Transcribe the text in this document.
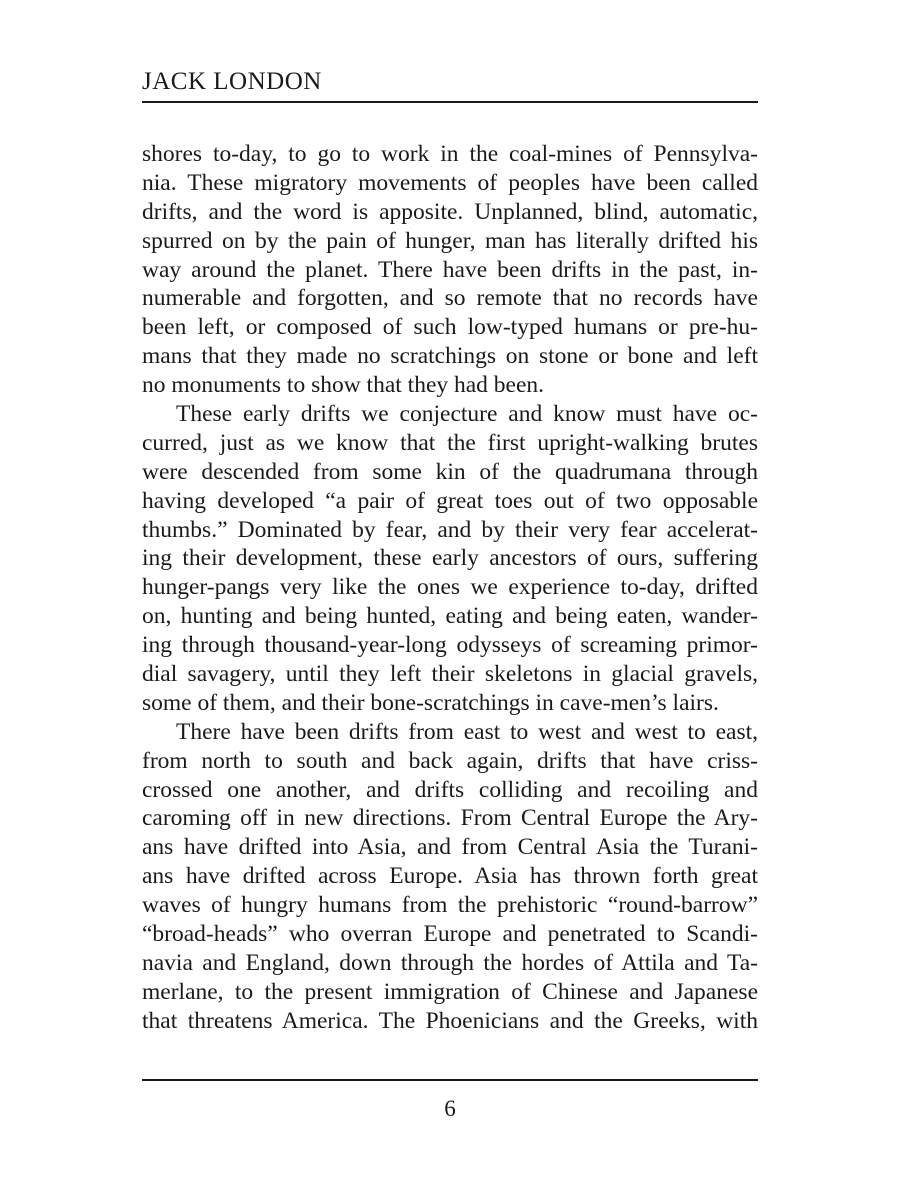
JACK LONDON
shores to-day, to go to work in the coal-mines of Pennsylva-
nia. These migratory movements of peoples have been called
drifts, and the word is apposite. Unplanned, blind, automatic,
spurred on by the pain of hunger, man has literally drifted his
way around the planet. There have been drifts in the past, in-
numerable and forgotten, and so remote that no records have
been left, or composed of such low-typed humans or pre-hu-
mans that they made no scratchings on stone or bone and left
no monuments to show that they had been.
These early drifts we conjecture and know must have oc-
curred, just as we know that the first upright-walking brutes
were descended from some kin of the quadrumana through
having developed “a pair of great toes out of two opposable
thumbs.” Dominated by fear, and by their very fear accelerat-
ing their development, these early ancestors of ours, suffering
hunger-pangs very like the ones we experience to-day, drifted
on, hunting and being hunted, eating and being eaten, wander-
ing through thousand-year-long odysseys of screaming primor-
dial savagery, until they left their skeletons in glacial gravels,
some of them, and their bone-scratchings in cave-men’s lairs.
There have been drifts from east to west and west to east,
from north to south and back again, drifts that have criss-
crossed one another, and drifts colliding and recoiling and
caroming off in new directions. From Central Europe the Ary-
ans have drifted into Asia, and from Central Asia the Turani-
ans have drifted across Europe. Asia has thrown forth great
waves of hungry humans from the prehistoric “round-barrow”
“broad-heads” who overran Europe and penetrated to Scandi-
navia and England, down through the hordes of Attila and Ta-
merlane, to the present immigration of Chinese and Japanese
that threatens America. The Phoenicians and the Greeks, with
6
